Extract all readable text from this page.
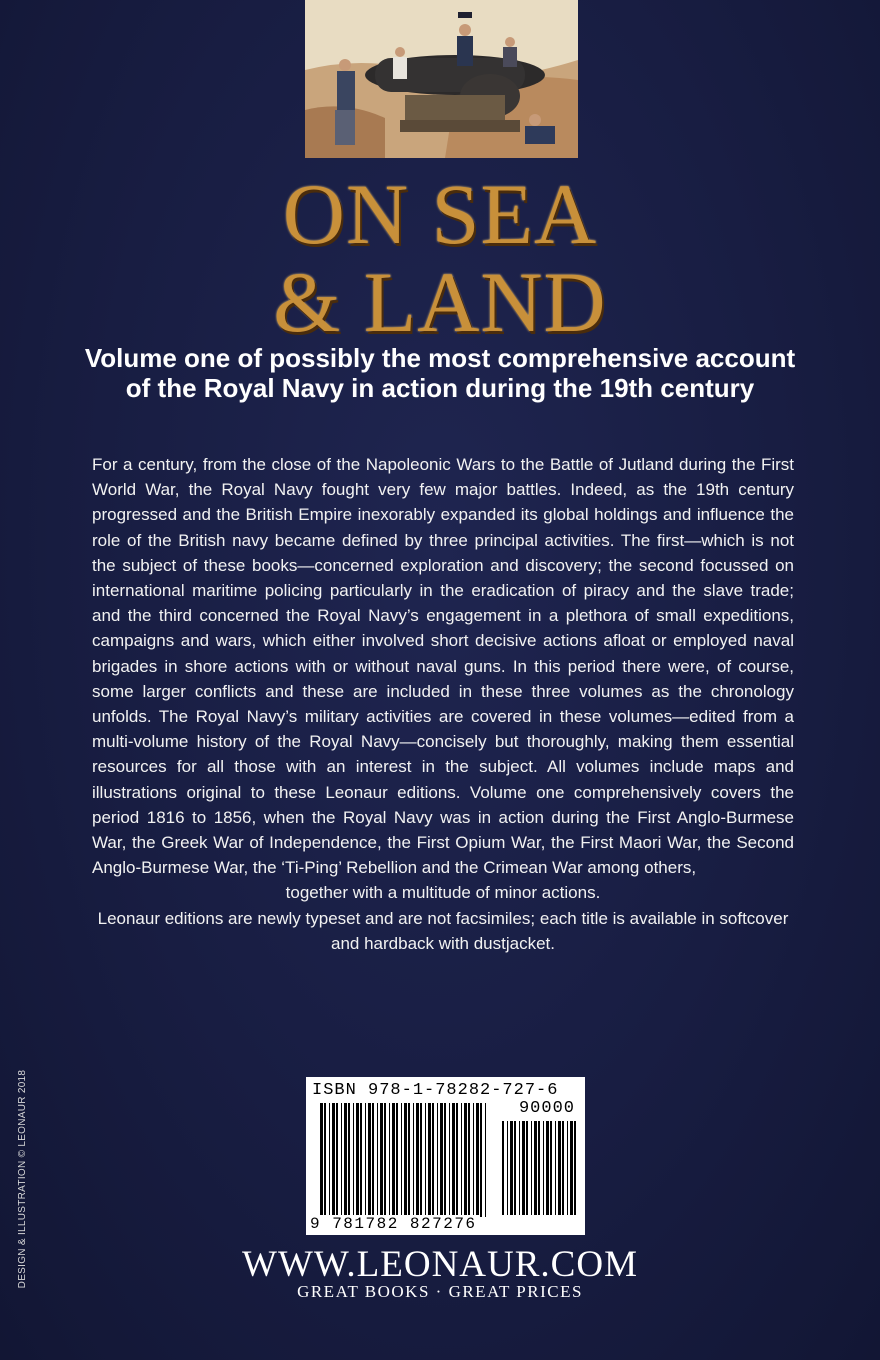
ON SEA
& LAND
Volume one of possibly the most comprehensive account of the Royal Navy in action during the 19th century

For a century, from the close of the Napoleonic Wars to the Battle of Jutland during the First World War, the Royal Navy fought very few major battles. Indeed, as the 19th century progressed and the British Empire inexorably expanded its global holdings and influence the role of the British navy became defined by three principal activities. The first—which is not the subject of these books—concerned exploration and discovery; the second focussed on international maritime policing particularly in the eradication of piracy and the slave trade; and the third concerned the Royal Navy’s engagement in a plethora of small expeditions, campaigns and wars, which either involved short decisive actions afloat or employed naval brigades in shore actions with or without naval guns. In this period there were, of course, some larger conflicts and these are included in these three volumes as the chronology unfolds. The Royal Navy’s military activities are covered in these volumes—edited from a multi-volume history of the Royal Navy—concisely but thoroughly, making them essential resources for all those with an interest in the subject. All volumes include maps and illustrations original to these Leonaur editions. Volume one comprehensively covers the period 1816 to 1856, when the Royal Navy was in action during the First Anglo-Burmese War, the Greek War of Independence, the First Opium War, the First Maori War, the Second Anglo-Burmese War, the ‘Ti-Ping’ Rebellion and the Crimean War among others,

together with a multitude of minor actions.

Leonaur editions are newly typeset and are not facsimiles; each title is available in softcover and hardback with dustjacket.

ISBN 978-1-78282-727-6
90000
9 781782 827276
WWW.LEONAUR.COM
GREAT BOOKS · GREAT PRICES
DESIGN & ILLUSTRATION © LEONAUR 2018
